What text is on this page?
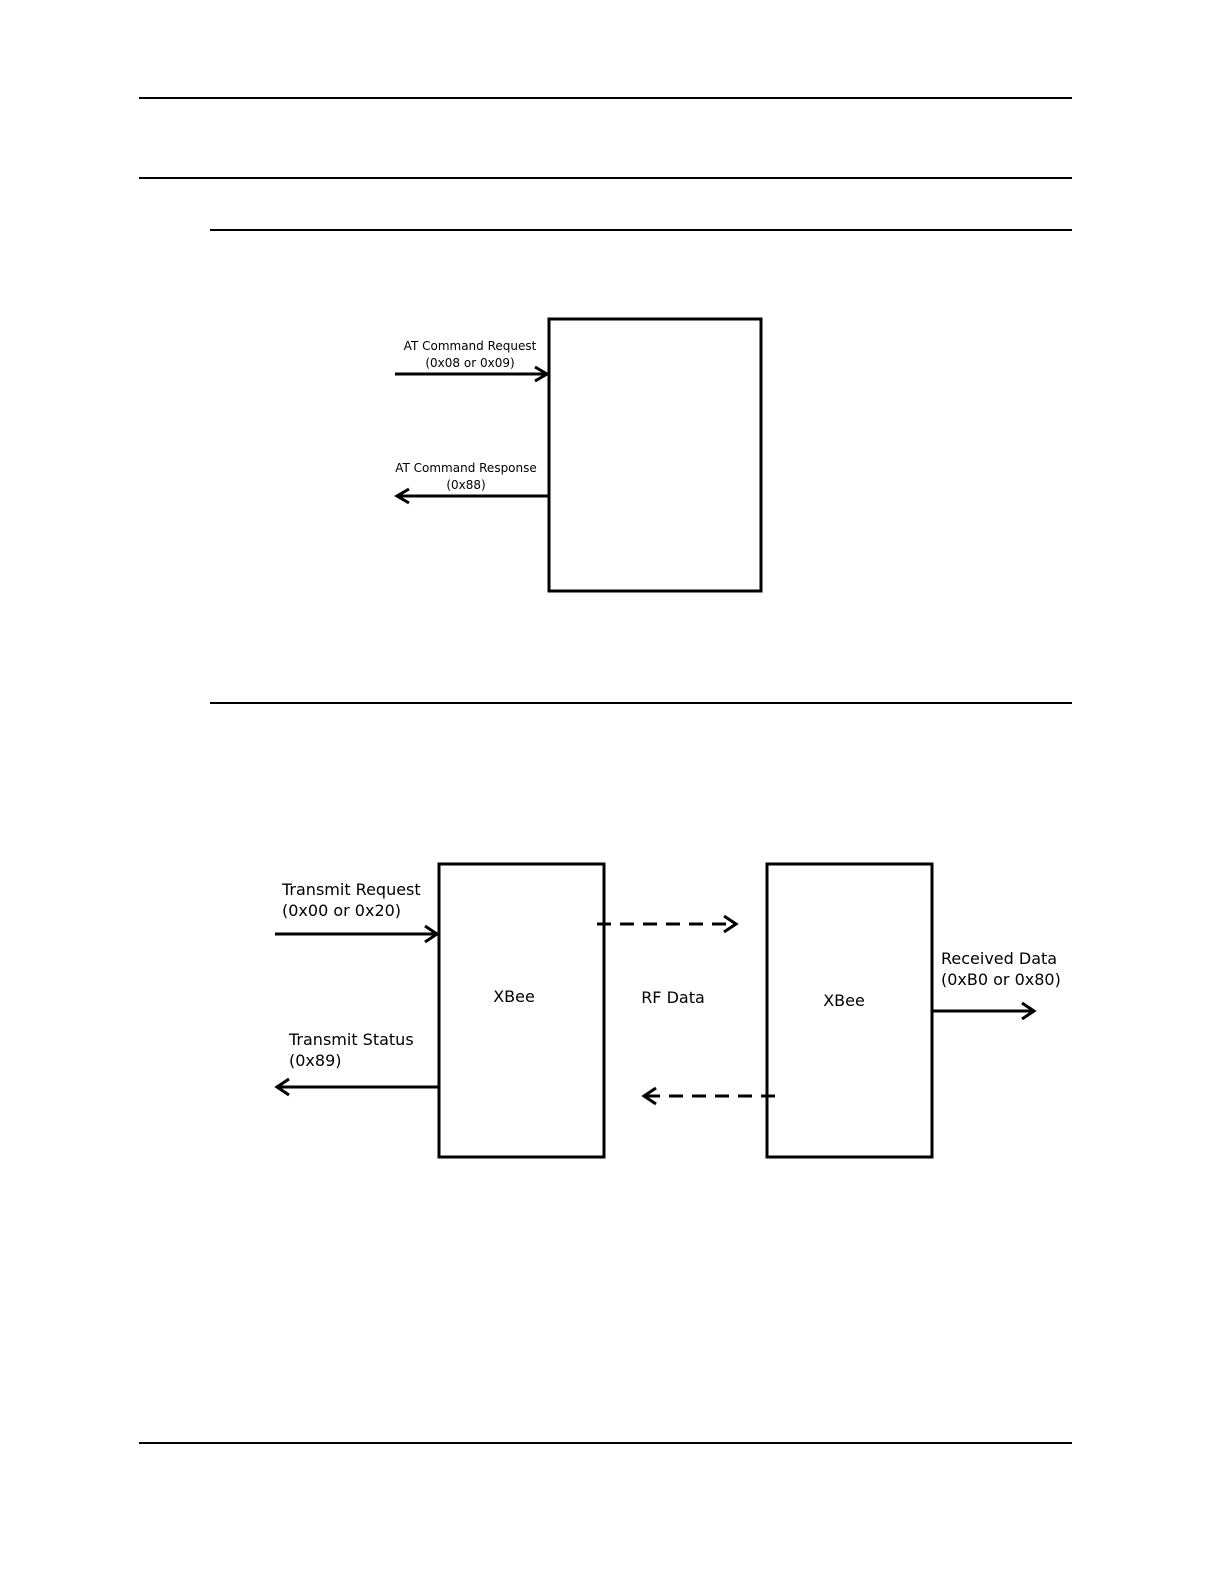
AT Command Request
(0x08 or 0x09)
AT Command Response
(0x88)
XBee	XBee
RF Data
Transmit Request
(0x00 or 0x20)
Transmit Status
(0x89)
Received Data
(0xB0 or 0x80)
